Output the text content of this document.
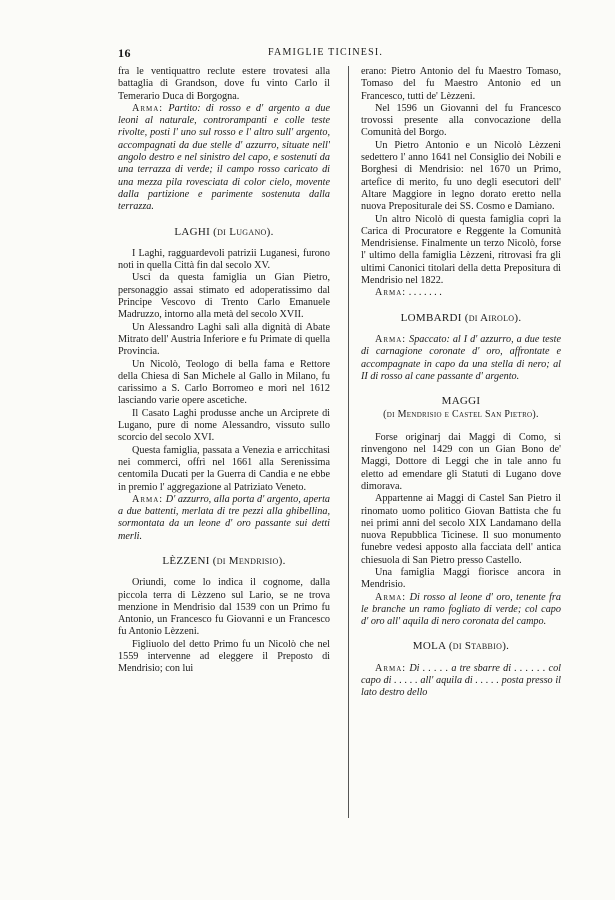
16	FAMIGLIE TICINESI.

fra le ventiquattro reclute estere trovatesi alla battaglia di Grandson, dove fu vinto Carlo il Temerario Duca di Borgogna.

Arma: Partito: di rosso e d' argento a due leoni al naturale, controrampanti e colle teste rivolte, posti l' uno sul rosso e l' altro sull' argento, accompagnati da due stelle d' azzurro, situate nell' angolo destro e nel sinistro del capo, e sostenuti da una terrazza di verde; il campo rosso caricato di una mezza pila rovesciata di color cielo, movente dalla partizione e parimente sostenuta dalla terrazza.

LAGHI (di Lugano).

I Laghi, ragguardevoli patrizii Luganesi, furono noti in quella Città fin dal secolo XV.

Usci da questa famiglia un Gian Pietro, personaggio assai stimato ed adoperatissimo dal Principe Vescovo di Trento Carlo Emanuele Madruzzo, intorno alla metà del secolo XVII.

Un Alessandro Laghi salì alla dignità di Abate Mitrato dell' Austria Inferiore e fu Primate di quella Provincia.

Un Nicolò, Teologo di bella fama e Rettore della Chiesa di San Michele al Gallo in Milano, fu carissimo a S. Carlo Borromeo e morì nel 1612 lasciando varie opere ascetiche.

Il Casato Laghi produsse anche un Arciprete di Lugano, pure di nome Alessandro, vissuto sullo scorcio del secolo XVI.

Questa famiglia, passata a Venezia e arricchitasi nei commerci, offrì nel 1661 alla Serenissima centomila Ducati per la Guerra di Candia e ne ebbe in premio l' aggregazione al Patriziato Veneto.

Arma: D' azzurro, alla porta d' argento, aperta a due battenti, merlata di tre pezzi alla ghibellina, sormontata da un leone d' oro passante sui detti merli.

LÈZZENI (di Mendrisio).

Oriundi, come lo indica il cognome, dalla piccola terra di Lèzzeno sul Lario, se ne trova menzione in Mendrisio dal 1539 con un Primo fu Antonio, un Francesco fu Giovanni e un Francesco fu Antonio Lèzzeni.

Figliuolo del detto Primo fu un Nicolò che nel 1559 intervenne ad eleggere il Preposto di Mendrisio; con lui

erano: Pietro Antonio del fu Maestro Tomaso, Tomaso del fu Maestro Antonio ed un Francesco, tutti de' Lèzzeni.

Nel 1596 un Giovanni del fu Francesco trovossi presente alla convocazione della Comunità del Borgo.

Un Pietro Antonio e un Nicolò Lèzzeni sedettero l' anno 1641 nel Consiglio dei Nobili e Borghesi di Mendrisio: nel 1670 un Primo, artefice di merito, fu uno degli esecutori dell' Altare Maggiore in legno dorato eretto nella nuova Prepositurale dei SS. Cosmo e Damiano.

Un altro Nicolò di questa famiglia coprì la Carica di Procuratore e Reggente la Comunità Mendrisiense. Finalmente un terzo Nicolò, forse l' ultimo della famiglia Lèzzeni, ritrovasi fra gli ultimi Canonici titolari della detta Prepositura di Mendrisio nel 1822.

Arma: . . . . . . .

LOMBARDI (di Airolo).

Arma: Spaccato: al I d' azzurro, a due teste di carnagione coronate d' oro, affrontate e accompagnate in capo da una stella di nero; al II di rosso al cane passante d' argento.

MAGGI
(di Mendrisio e Castel San Pietro).

Forse originarj dai Maggi di Como, si rinvengono nel 1429 con un Gian Bono de' Maggi, Dottore di Leggi che in tale anno fu eletto ad emendare gli Statuti di Lugano dove dimorava.

Appartenne ai Maggi di Castel San Pietro il rinomato uomo politico Giovan Battista che fu nei primi anni del secolo XIX Landamano della nuova Repubblica Ticinese. Il suo monumento funebre vedesi apposto alla facciata dell' antica chiesuola di San Pietro presso Castello.

Una famiglia Maggi fiorisce ancora in Mendrisio.

Arma: Di rosso al leone d' oro, tenente fra le branche un ramo fogliato di verde; col capo d' oro all' aquila di nero coronata del campo.

MOLA (di Stabbio).

Arma: Di . . . . . a tre sbarre di . . . . . . col capo di . . . . . all' aquila di . . . . . posta presso il lato destro dello
